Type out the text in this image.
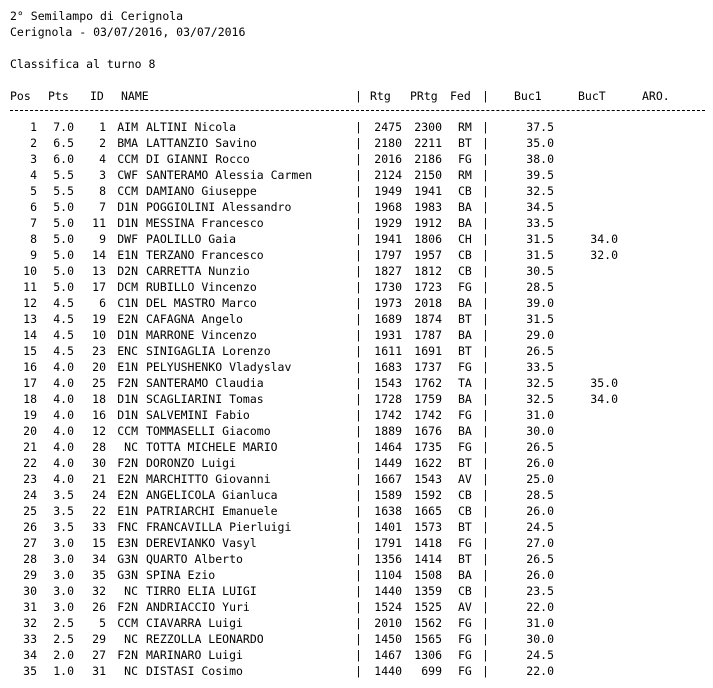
2° Semilampo di Cerignola
Cerignola - 03/07/2016, 03/07/2016
Classifica al turno 8
Pos Pts ID NAME	| Rtg PRtg Fed | Buc1	BucT	ARO.
1	7.0	1 AIM ALTINI Nicola	|	2475	2300 RM |	37.5
2	6.5	2 BMA LATTANZIO Savino	|	2180	2211 BT |	35.0
3	6.0	4 CCM DI GIANNI Rocco	|	2016	2186 FG |	38.0
4	5.5	3 CWF SANTERAMO Alessia Carmen	|	2124	2150 RM |	39.5
5	5.5	8 CCM DAMIANO Giuseppe	|	1949	1941 CB |	32.5
6	5.0	7 D1N POGGIOLINI Alessandro	|	1968	1983 BA |	34.5
7	5.0	11 D1N MESSINA Francesco	|	1929	1912 BA |	33.5
8	5.0	9 DWF PAOLILLO Gaia	|	1941	1806 CH |	31.5	34.0
9	5.0	14 E1N TERZANO Francesco	|	1797	1957 CB |	31.5	32.0
10	5.0	13 D2N CARRETTA Nunzio	|	1827	1812 CB |	30.5
11	5.0	17 DCM RUBILLO Vincenzo	|	1730	1723 FG |	28.5
12	4.5	6 C1N DEL MASTRO Marco	|	1973	2018 BA |	39.0
13	4.5	19 E2N CAFAGNA Angelo	|	1689	1874 BT |	31.5
14	4.5	10 D1N MARRONE Vincenzo	|	1931	1787 BA |	29.0
15	4.5	23 ENC SINIGAGLIA Lorenzo	|	1611	1691 BT |	26.5
16	4.0	20 E1N PELYUSHENKO Vladyslav	|	1683	1737 FG |	33.5
17	4.0	25 F2N SANTERAMO Claudia	|	1543	1762 TA |	32.5	35.0
18	4.0	18 D1N SCAGLIARINI Tomas	|	1728	1759 BA |	32.5	34.0
19	4.0	16 D1N SALVEMINI Fabio	|	1742	1742 FG |	31.0
20	4.0	12 CCM TOMMASELLI Giacomo	|	1889	1676 BA |	30.0
21	4.0	28	NC TOTTA MICHELE MARIO	|	1464	1735 FG |	26.5
22	4.0	30 F2N DORONZO Luigi	|	1449	1622 BT |	26.0
23	4.0	21 E2N MARCHITTO Giovanni	|	1667	1543 AV |	25.0
24	3.5	24 E2N ANGELICOLA Gianluca	|	1589	1592 CB |	28.5
25	3.5	22 E1N PATRIARCHI Emanuele	|	1638	1665 CB |	26.0
26	3.5	33 FNC FRANCAVILLA Pierluigi	|	1401	1573 BT |	24.5
27	3.0	15 E3N DEREVIANKO Vasyl	|	1791	1418 FG |	27.0
28	3.0	34 G3N QUARTO Alberto	|	1356	1414 BT |	26.5
29	3.0	35 G3N SPINA Ezio	|	1104	1508 BA |	26.0
30	3.0	32	NC TIRRO ELIA LUIGI	|	1440	1359 CB |	23.5
31	3.0	26 F2N ANDRIACCIO Yuri	|	1524	1525 AV |	22.0
32	2.5	5 CCM CIAVARRA Luigi	|	2010	1562 FG |	31.0
33	2.5	29	NC REZZOLLA LEONARDO	|	1450	1565 FG |	30.0
34	2.0	27 F2N MARINARO Luigi	|	1467	1306 FG |	24.5
35	1.0	31	NC DISTASI Cosimo	|	1440	699 FG |	22.0
